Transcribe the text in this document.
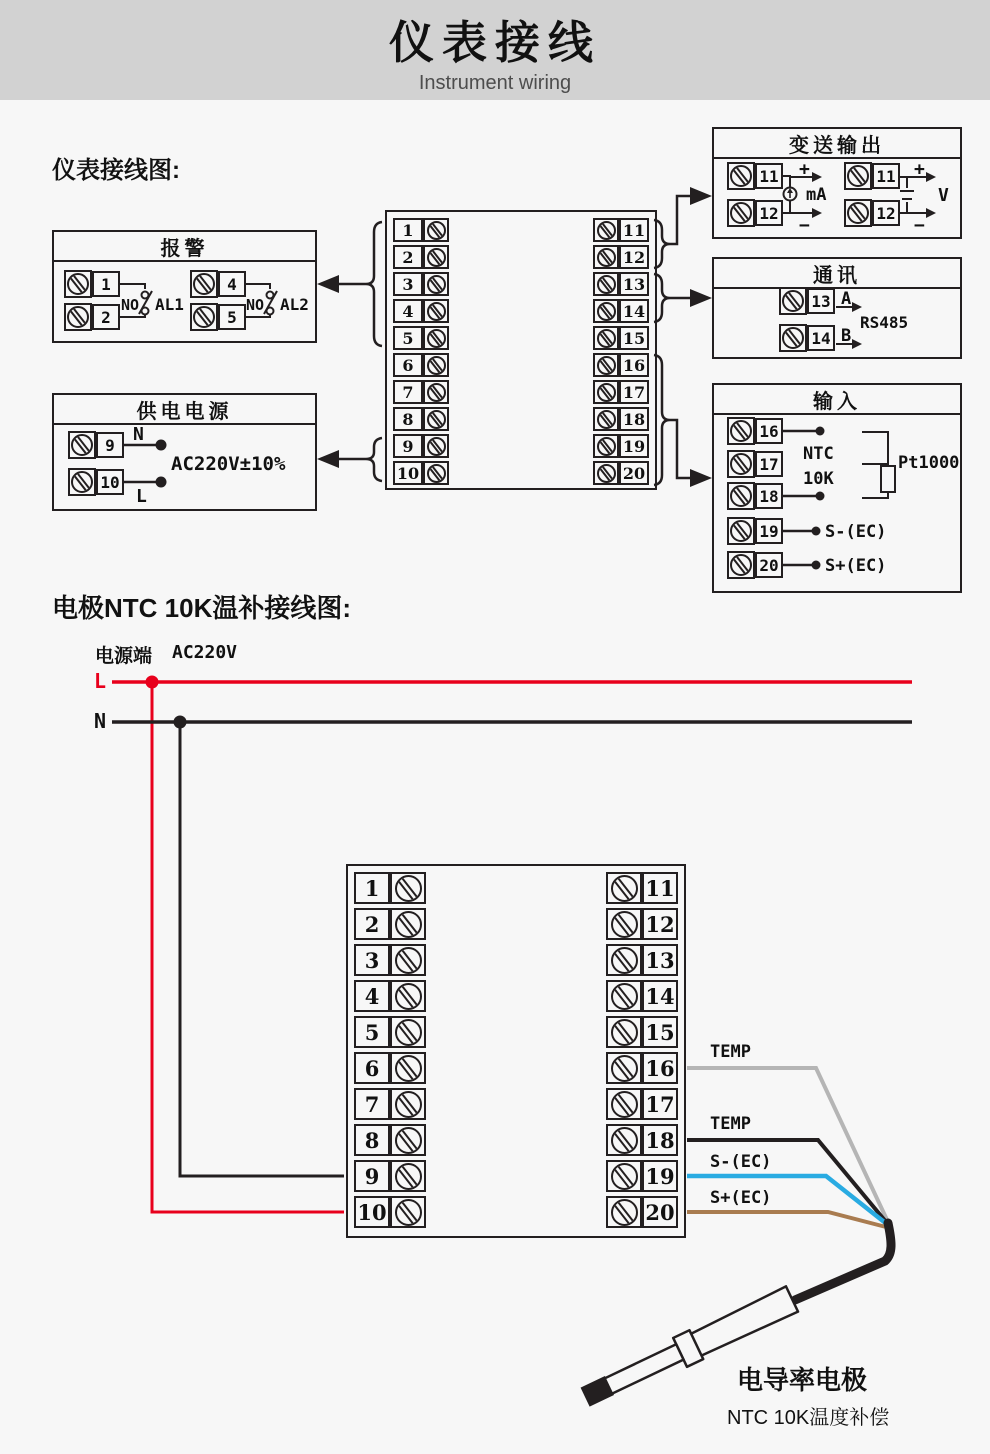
仪表接线
Instrument wiring
仪表接线图:
电极NTC 10K温补接线图:
报警
供电电源
变送输出
通讯
输入
1
2
4
5
9
10
11
12
11
12
13
14
16
17
18
19
20
1
2
3
4
5
6
7
8
9
10
11
12
13
14
15
16
17
18
19
20
1
2
3
4
5
6
7
8
9
10
11
12
13
14
15
16
17
18
19
20
NO AL1	NO AL2
N
L
AC220V±10%
+
−
mA
+
−
V
A
B
RS485
NTC
10K
Pt1000
S-(EC)
S+(EC)
电源端 AC220V
L
N
TEMP
TEMP
S-(EC)
S+(EC)
电导率电极
NTC 10K温度补偿
